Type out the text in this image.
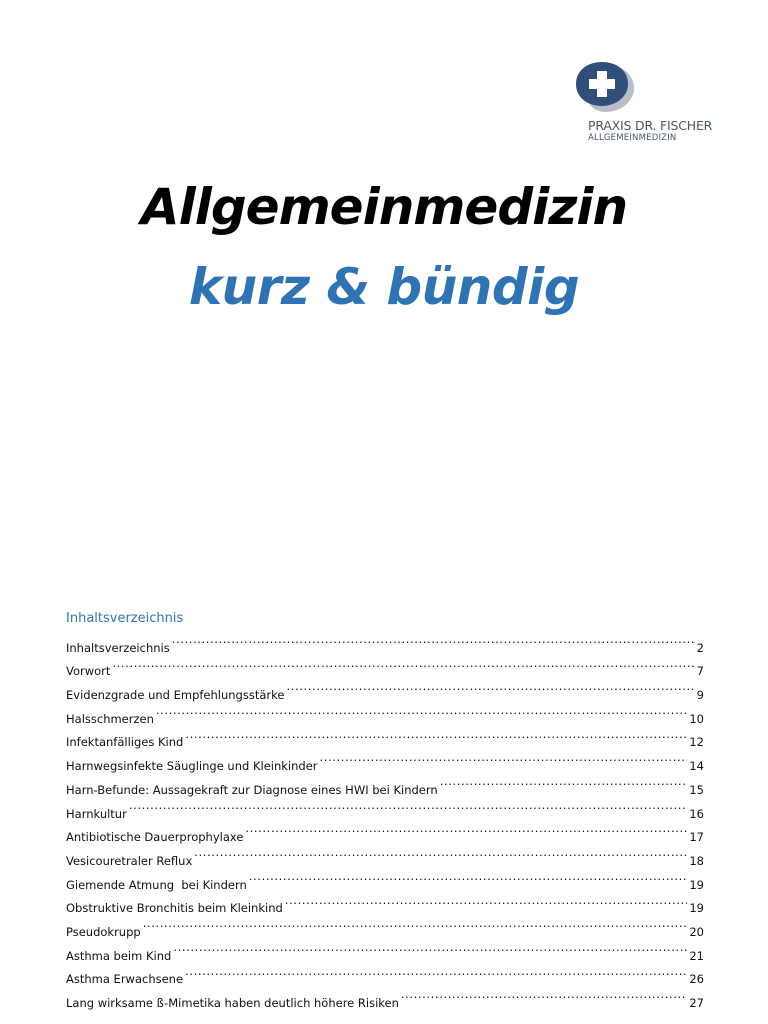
PRAXIS DR. FISCHER
ALLGEMEINMEDIZIN
Allgemeinmedizin
kurz & bündig
Inhaltsverzeichnis
Inhaltsverzeichnis .....	2
Vorwort .....	7
Evidenzgrade und Empfehlungsstärke .....	9
Halsschmerzen .....	10
Infektanfälliges Kind .....	12
Harnwegsinfekte Säuglinge und Kleinkinder .....	14
Harn-Befunde: Aussagekraft zur Diagnose eines HWI bei Kindern .....	15
Harnkultur .....	16
Antibiotische Dauerprophylaxe .....	17
Vesicouretraler Reflux .....	18
Giemende Atmung  bei Kindern .....	19
Obstruktive Bronchitis beim Kleinkind .....	19
Pseudokrupp .....	20
Asthma beim Kind .....	21
Asthma Erwachsene .....	26
Lang wirksame ß-Mimetika haben deutlich höhere Risiken .....	27
